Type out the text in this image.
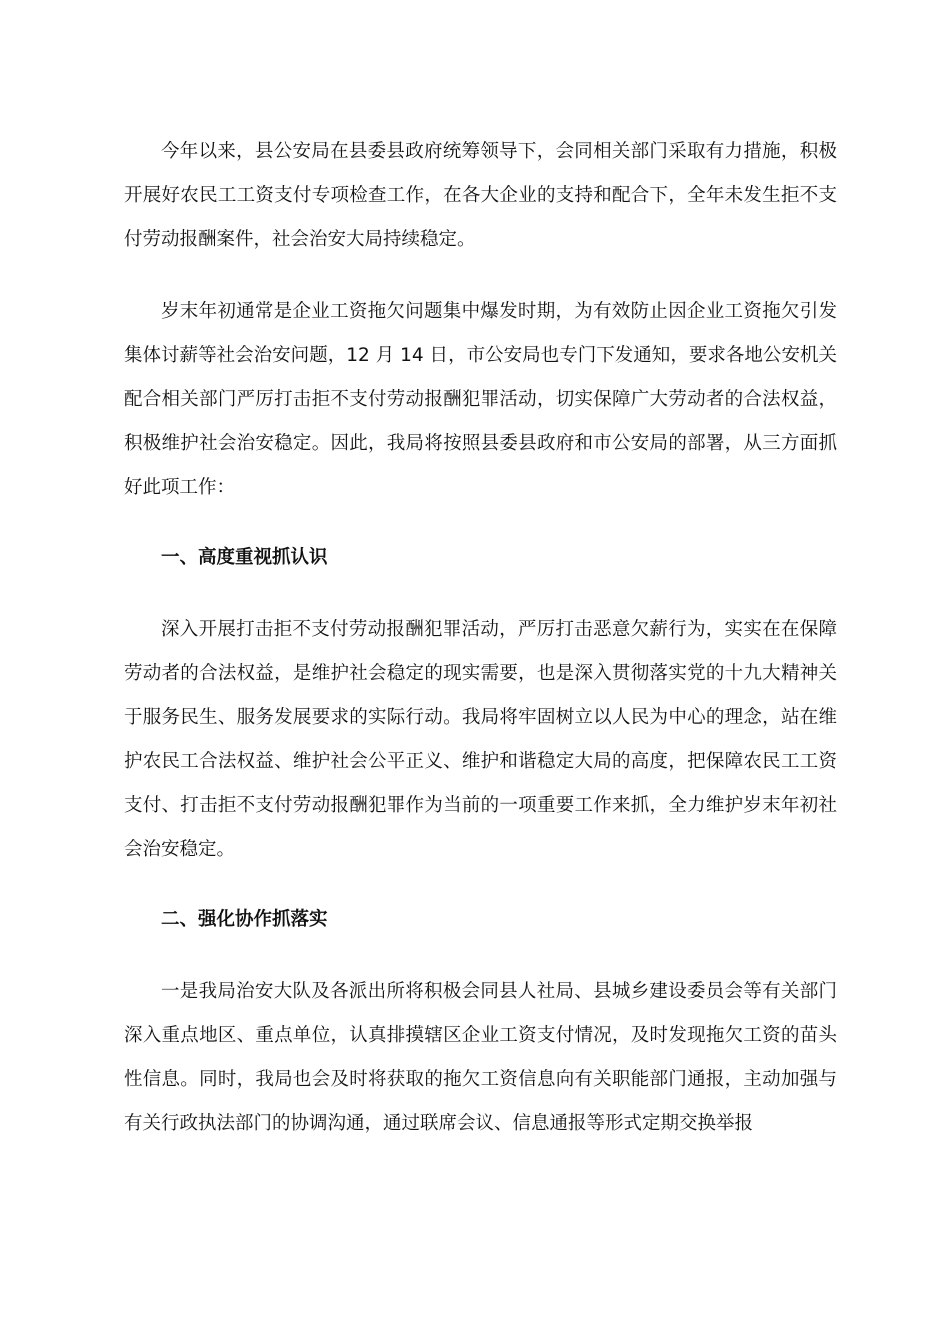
今年以来，县公安局在县委县政府统筹领导下，会同相关部门采取有力措施，积极开展好农民工工资支付专项检查工作，在各大企业的支持和配合下，全年未发生拒不支付劳动报酬案件，社会治安大局持续稳定。

岁末年初通常是企业工资拖欠问题集中爆发时期，为有效防止因企业工资拖欠引发集体讨薪等社会治安问题，12 月 14 日，市公安局也专门下发通知，要求各地公安机关配合相关部门严厉打击拒不支付劳动报酬犯罪活动，切实保障广大劳动者的合法权益，积极维护社会治安稳定。因此，我局将按照县委县政府和市公安局的部署，从三方面抓好此项工作：

一、高度重视抓认识

深入开展打击拒不支付劳动报酬犯罪活动，严厉打击恶意欠薪行为，实实在在保障劳动者的合法权益，是维护社会稳定的现实需要，也是深入贯彻落实党的十九大精神关于服务民生、服务发展要求的实际行动。我局将牢固树立以人民为中心的理念，站在维护农民工合法权益、维护社会公平正义、维护和谐稳定大局的高度，把保障农民工工资支付、打击拒不支付劳动报酬犯罪作为当前的一项重要工作来抓，全力维护岁末年初社会治安稳定。

二、强化协作抓落实

一是我局治安大队及各派出所将积极会同县人社局、县城乡建设委员会等有关部门深入重点地区、重点单位，认真排摸辖区企业工资支付情况，及时发现拖欠工资的苗头性信息。同时，我局也会及时将获取的拖欠工资信息向有关职能部门通报，主动加强与有关行政执法部门的协调沟通，通过联席会议、信息通报等形式定期交换举报
